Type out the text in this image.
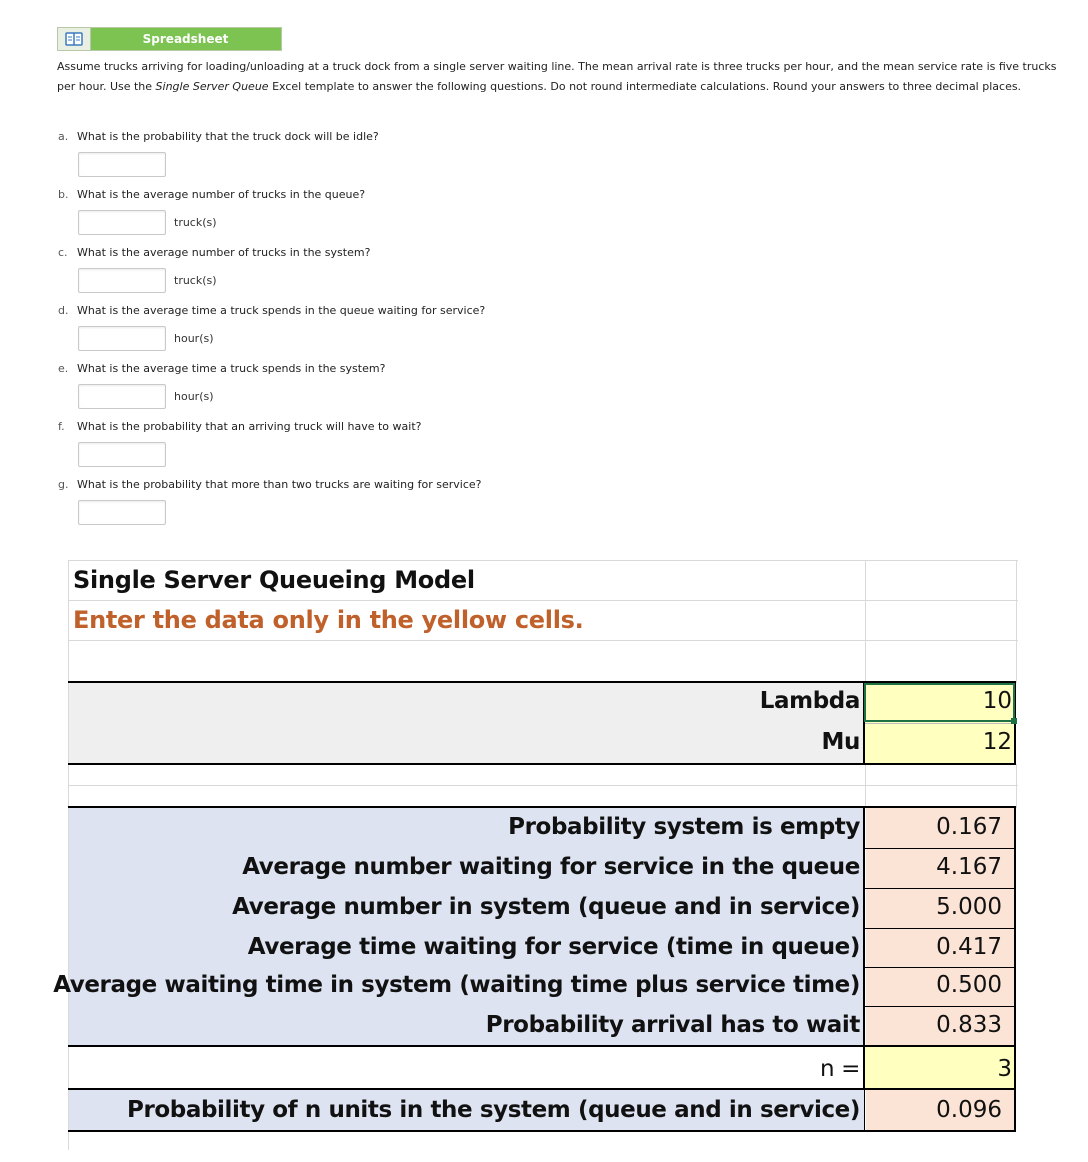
Spreadsheet
Assume trucks arriving for loading/unloading at a truck dock from a single server waiting line. The mean arrival rate is three trucks per hour, and the mean service rate is five trucks per hour. Use the Single Server Queue Excel template to answer the following questions. Do not round intermediate calculations. Round your answers to three decimal places.
a. What is the probability that the truck dock will be idle?
b. What is the average number of trucks in the queue?
truck(s)
c. What is the average number of trucks in the system?
truck(s)
d. What is the average time a truck spends in the queue waiting for service?
hour(s)
e. What is the average time a truck spends in the system?
hour(s)
f. What is the probability that an arriving truck will have to wait?
g. What is the probability that more than two trucks are waiting for service?
Single Server Queueing Model
Enter the data only in the yellow cells.
Lambda	10
Mu	12
Probability system is empty	0.167
Average number waiting for service in the queue	4.167
Average number in system (queue and in service)	5.000
Average time waiting for service (time in queue)	0.417
Average waiting time in system (waiting time plus service time)	0.500
Probability arrival has to wait	0.833
n =	3
Probability of n units in the system (queue and in service)	0.096
